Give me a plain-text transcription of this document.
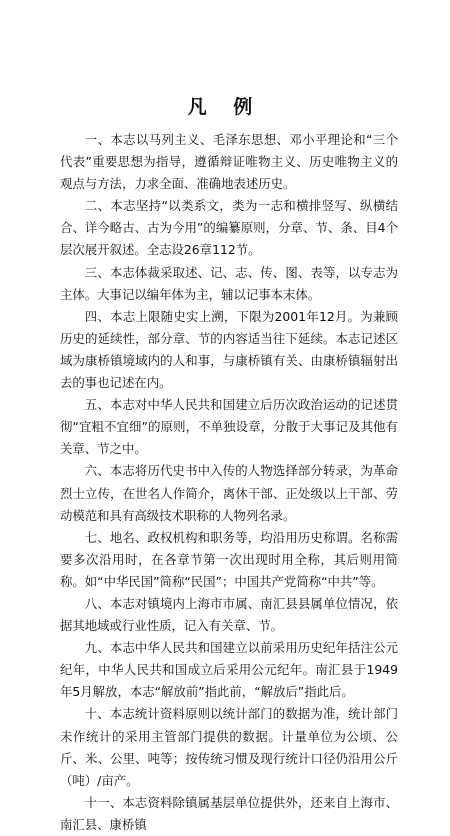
凡 例

一、本志以马列主义、毛泽东思想、邓小平理论和“三个代表”重要思想为指导，遵循辩证唯物主义、历史唯物主义的观点与方法，力求全面、准确地表述历史。

二、本志坚持“以类系文，类为一志和横排竖写、纵横结合、详今略古、古为今用”的编纂原则，分章、节、条、目4个层次展开叙述。全志设26章112节。

三、本志体裁采取述、记、志、传、图、表等，以专志为主体。大事记以编年体为主，辅以记事本末体。

四、本志上限随史实上溯，下限为2001年12月。为兼顾历史的延续性，部分章、节的内容适当往下延续。本志记述区域为康桥镇境域内的人和事，与康桥镇有关、由康桥镇辐射出去的事也记述在内。

五、本志对中华人民共和国建立后历次政治运动的记述贯彻“宜粗不宜细”的原则，不单独设章，分散于大事记及其他有关章、节之中。

六、本志将历代史书中入传的人物选择部分转录，为革命烈士立传，在世名人作简介，离休干部、正处级以上干部、劳动模范和具有高级技术职称的人物列名录。

七、地名、政权机构和职务等，均沿用历史称谓。名称需要多次沿用时，在各章节第一次出现时用全称，其后则用简称。如“中华民国”简称“民国”；中国共产党简称“中共”等。

八、本志对镇境内上海市市属、南汇县县属单位情况，依据其地域或行业性质，记入有关章、节。

九、本志中华人民共和国建立以前采用历史纪年括注公元纪年，中华人民共和国成立后采用公元纪年。南汇县于1949年5月解放，本志“解放前”指此前，“解放后”指此后。

十、本志统计资料原则以统计部门的数据为准，统计部门未作统计的采用主管部门提供的数据。计量单位为公顷、公斤、米、公里、吨等；按传统习惯及现行统计口径仍沿用公斤（吨）/亩产。

十一、本志资料除镇属基层单位提供外，还来自上海市、南汇县、康桥镇
